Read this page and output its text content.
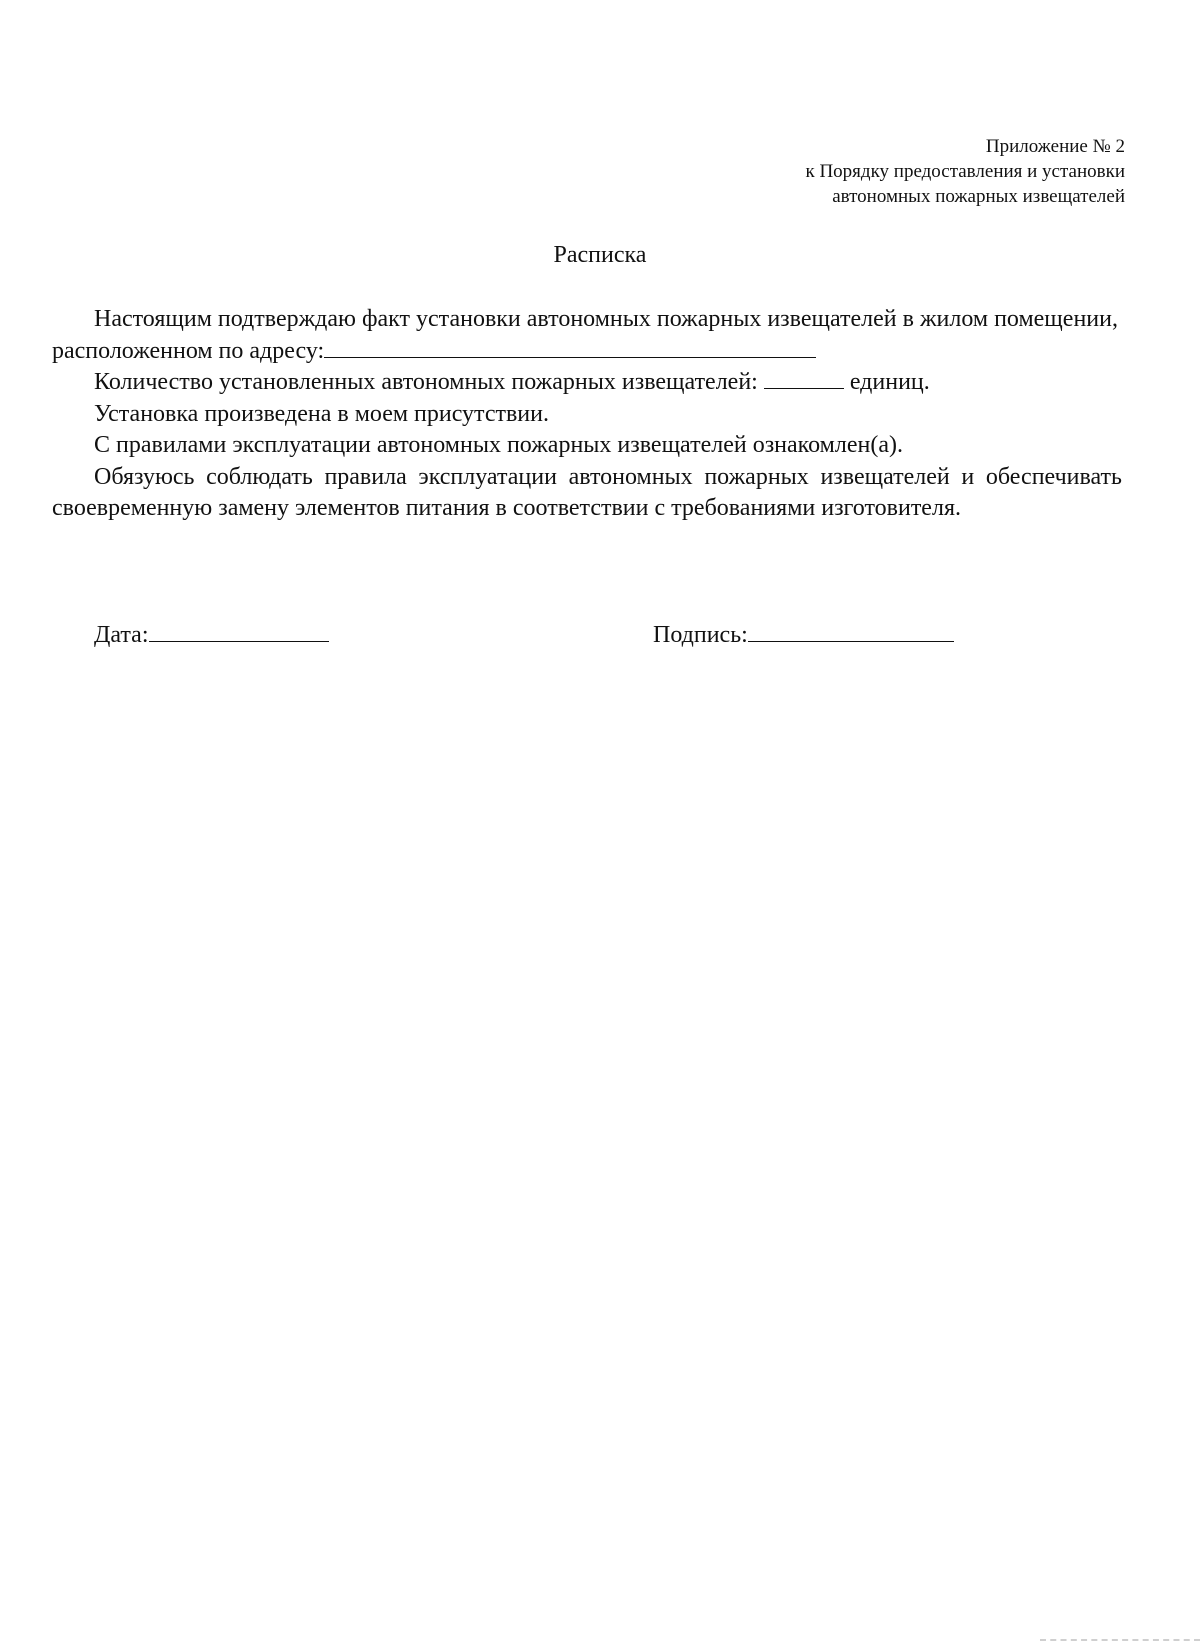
Приложение № 2
к Порядку предоставления и установки
автономных пожарных извещателей
Расписка

Настоящим подтверждаю факт установки автономных пожарных извещателей в жилом помещении, расположенном по адресу:

Количество установленных автономных пожарных извещателей:	единиц.

Установка произведена в моем присутствии.

С правилами эксплуатации автономных пожарных извещателей ознакомлен(а).

Обязуюсь соблюдать правила эксплуатации автономных пожарных извещателей и обеспечивать своевременную замену элементов питания в соответствии с требованиями изготовителя.

Дата:	Подпись:
